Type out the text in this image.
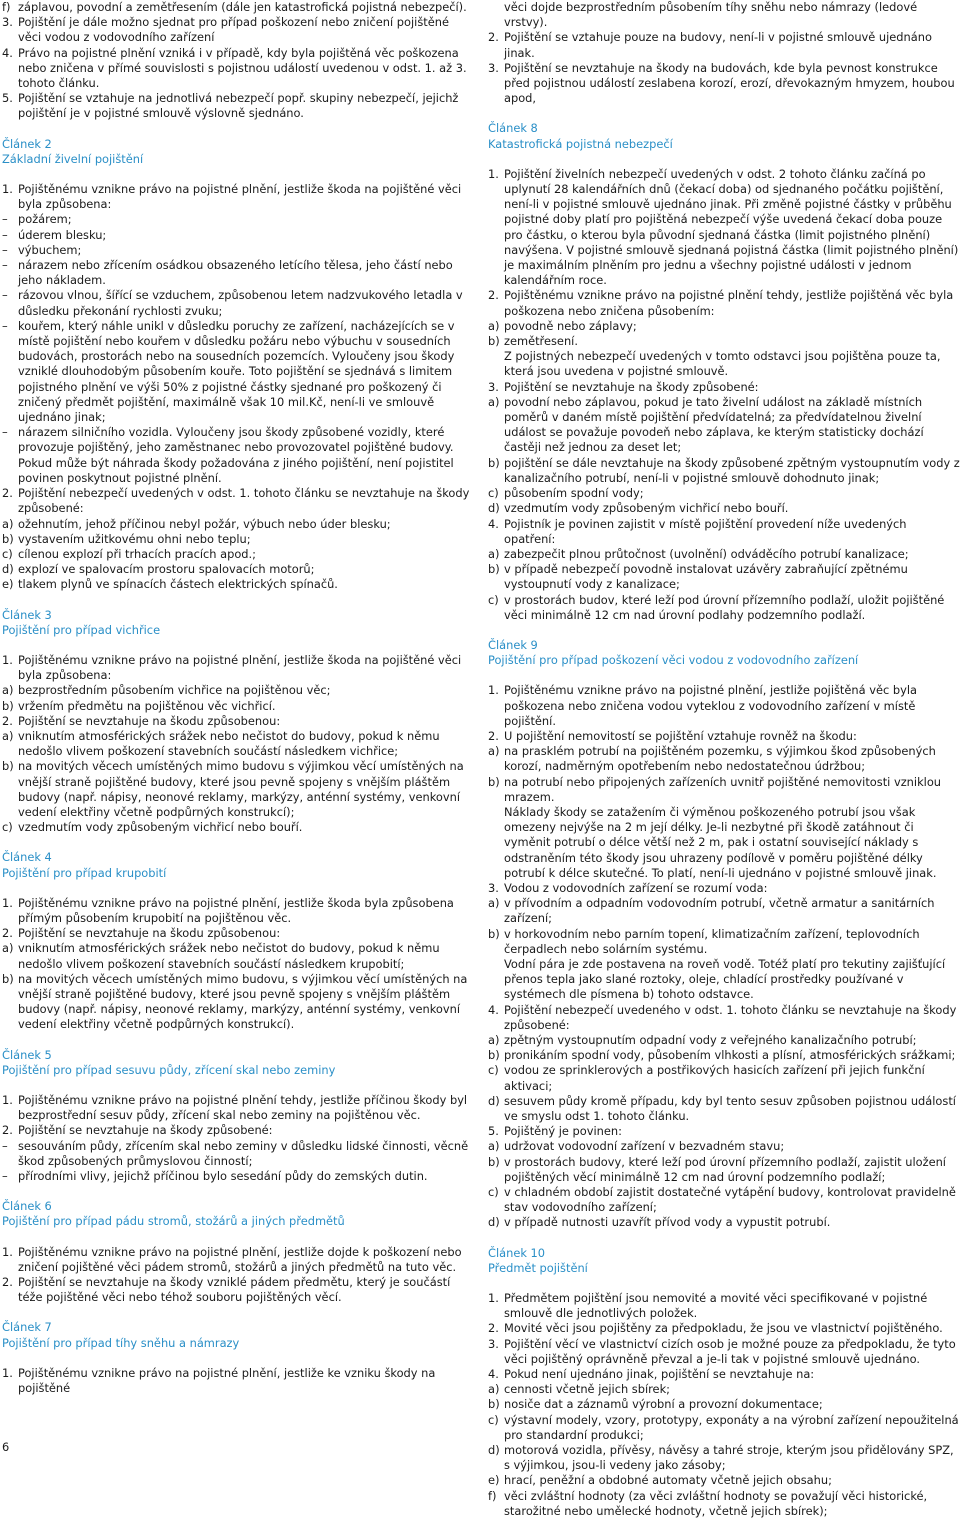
f) záplavou, povodní a zemětřesením (dále jen katastrofická pojistná nebezpečí).

3. Pojištění je dále možno sjednat pro případ poškození nebo zničení pojištěné věci vodou z vodovodního zařízení

4. Právo na pojistné plnění vzniká i v případě, kdy byla pojištěná věc poškozena nebo zničena v přímé souvislosti s pojistnou událostí uvedenou v odst. 1. až 3. tohoto článku.

5. Pojištění se vztahuje na jednotlivá nebezpečí popř. skupiny nebezpečí, jejichž pojištění je v pojistné smlouvě výslovně sjednáno.

Článek 2
Základní živelní pojištění

1. Pojištěnému vznikne právo na pojistné plnění, jestliže škoda na pojištěné věci byla způsobena:

– požárem;

– úderem blesku;

– výbuchem;

– nárazem nebo zřícením osádkou obsazeného letícího tělesa, jeho částí nebo jeho nákladem.

– rázovou vlnou, šířící se vzduchem, způsobenou letem nadzvukového letadla v důsledku překonání rychlosti zvuku;

– kouřem, který náhle unikl v důsledku poruchy ze zařízení, nacházejících se v místě pojištění nebo kouřem v důsledku požáru nebo výbuchu v sousedních budovách, prostorách nebo na sousedních pozemcích. Vyloučeny jsou škody vzniklé dlouhodobým působením kouře. Toto pojištění se sjednává s limitem pojistného plnění ve výši 50% z pojistné částky sjednané pro poškozený či zničený předmět pojištění, maximálně však 10 mil.Kč, není-li ve smlouvě ujednáno jinak;

– nárazem silničního vozidla. Vyloučeny jsou škody způsobené vozidly, které provozuje pojištěný, jeho zaměstnanec nebo provozovatel pojištěné budovy. Pokud může být náhrada škody požadována z jiného pojištění, není pojistitel povinen poskytnout pojistné plnění.

2. Pojištění nebezpečí uvedených v odst. 1. tohoto článku se nevztahuje na škody způsobené:

a) ožehnutím, jehož příčinou nebyl požár, výbuch nebo úder blesku;

b) vystavením užitkovému ohni nebo teplu;

c) cílenou explozí při trhacích pracích apod.;

d) explozí ve spalovacím prostoru spalovacích motorů;

e) tlakem plynů ve spínacích částech elektrických spínačů.

Článek 3
Pojištění pro případ vichřice

1. Pojištěnému vznikne právo na pojistné plnění, jestliže škoda na pojištěné věci byla způsobena:

a) bezprostředním působením vichřice na pojištěnou věc;

b) vržením předmětu na pojištěnou věc vichřicí.

2. Pojištění se nevztahuje na škodu způsobenou:

a) vniknutím atmosférických srážek nebo nečistot do budovy, pokud k němu nedošlo vlivem poškození stavebních součástí následkem vichřice;

b) na movitých věcech umístěných mimo budovu s výjimkou věcí umístěných na vnější straně pojištěné budovy, které jsou pevně spojeny s vnějším pláštěm budovy (např. nápisy, neonové reklamy, markýzy, anténní systémy, venkovní vedení elektřiny včetně podpůrných konstrukcí);

c) vzedmutím vody způsobeným vichřicí nebo bouří.

Článek 4
Pojištění pro případ krupobití

1. Pojištěnému vznikne právo na pojistné plnění, jestliže škoda byla způsobena přímým působením krupobití na pojištěnou věc.

2. Pojištění se nevztahuje na škodu způsobenou:

a) vniknutím atmosférických srážek nebo nečistot do budovy, pokud k němu nedošlo vlivem poškození stavebních součástí následkem krupobití;

b) na movitých věcech umístěných mimo budovu, s výjimkou věcí umístěných na vnější straně pojištěné budovy, které jsou pevně spojeny s vnějším pláštěm budovy (např. nápisy, neonové reklamy, markýzy, anténní systémy, venkovní vedení elektřiny včetně podpůrných konstrukcí).

Článek 5
Pojištění pro případ sesuvu půdy, zřícení skal nebo zeminy

1. Pojištěnému vznikne právo na pojistné plnění tehdy, jestliže příčinou škody byl bezprostřední sesuv půdy, zřícení skal nebo zeminy na pojištěnou věc.

2. Pojištění se nevztahuje na škody způsobené:

– sesouváním půdy, zřícením skal nebo zeminy v důsledku lidské činnosti, věcně škod způsobených průmyslovou činností;

– přírodními vlivy, jejichž příčinou bylo sesedání půdy do zemských dutin.

Článek 6
Pojištění pro případ pádu stromů, stožárů a jiných předmětů

1. Pojištěnému vznikne právo na pojistné plnění, jestliže dojde k poškození nebo zničení pojištěné věci pádem stromů, stožárů a jiných předmětů na tuto věc.

2. Pojištění se nevztahuje na škody vzniklé pádem předmětu, který je součástí téže pojištěné věci nebo téhož souboru pojištěných věcí.

Článek 7
Pojištění pro případ tíhy sněhu a námrazy

1. Pojištěnému vznikne právo na pojistné plnění, jestliže ke vzniku škody na pojištěné

věci dojde bezprostředním působením tíhy sněhu nebo námrazy (ledové vrstvy).

2. Pojištění se vztahuje pouze na budovy, není-li v pojistné smlouvě ujednáno jinak.

3. Pojištění se nevztahuje na škody na budovách, kde byla pevnost konstrukce před pojistnou událostí zeslabena korozí, erozí, dřevokazným hmyzem, houbou apod,

Článek 8
Katastrofická pojistná nebezpečí

1. Pojištění živelních nebezpečí uvedených v odst. 2 tohoto článku začíná po uplynutí 28 kalendářních dnů (čekací doba) od sjednaného počátku pojištění, není-li v pojistné smlouvě ujednáno jinak. Při změně pojistné částky v průběhu pojistné doby platí pro pojištěná nebezpečí výše uvedená čekací doba pouze pro částku, o kterou byla původní sjednaná částka (limit pojistného plnění) navýšena. V pojistné smlouvě sjednaná pojistná částka (limit pojistného plnění) je maximálním plněním pro jednu a všechny pojistné události v jednom kalendářním roce.

2. Pojištěnému vznikne právo na pojistné plnění tehdy, jestliže pojištěná věc byla poškozena nebo zničena působením:

a) povodně nebo záplavy;

b) zemětřesení.

Z pojistných nebezpečí uvedených v tomto odstavci jsou pojištěna pouze ta, která jsou uvedena v pojistné smlouvě.

3. Pojištění se nevztahuje na škody způsobené:

a) povodní nebo záplavou, pokud je tato živelní událost na základě místních poměrů v daném místě pojištění předvídatelná; za předvídatelnou živelní událost se považuje povodeň nebo záplava, ke kterým statisticky dochází častěji než jednou za deset let;

b) pojištění se dále nevztahuje na škody způsobené zpětným vystoupnutím vody z kanalizačního potrubí, není-li v pojistné smlouvě dohodnuto jinak;

c) působením spodní vody;

d) vzedmutím vody způsobeným vichřicí nebo bouří.

4. Pojistník je povinen zajistit v místě pojištění provedení níže uvedených opatření:

a) zabezpečit plnou průtočnost (uvolnění) odváděcího potrubí kanalizace;

b) v případě nebezpečí povodně instalovat uzávěry zabraňující zpětnému vystoupnutí vody z kanalizace;

c) v prostorách budov, které leží pod úrovní přízemního podlaží, uložit pojištěné věci minimálně 12 cm nad úrovní podlahy podzemního podlaží.

Článek 9
Pojištění pro případ poškození věci vodou z vodovodního zařízení

1. Pojištěnému vznikne právo na pojistné plnění, jestliže pojištěná věc byla poškozena nebo zničena vodou vyteklou z vodovodního zařízení v místě pojištění.

2. U pojištění nemovitostí se pojištění vztahuje rovněž na škodu:

a) na prasklém potrubí na pojištěném pozemku, s výjimkou škod způsobených korozí, nadměrným opotřebením nebo nedostatečnou údržbou;

b) na potrubí nebo připojených zařízeních uvnitř pojištěné nemovitosti vzniklou mrazem.

Náklady škody se zatažením či výměnou poškozeného potrubí jsou však omezeny nejvýše na 2 m její délky. Je-li nezbytné při škodě zatáhnout či vyměnit potrubí o délce větší než 2 m, pak i ostatní související náklady s odstraněním této škody jsou uhrazeny podílově v poměru pojištěné délky potrubí k délce skutečné. To platí, není-li ujednáno v pojistné smlouvě jinak.

3. Vodou z vodovodních zařízení se rozumí voda:

a) v přívodním a odpadním vodovodním potrubí, včetně armatur a sanitárních zařízení;

b) v horkovodním nebo parním topení, klimatizačním zařízení, teplovodních čerpadlech nebo solárním systému.

Vodní pára je zde postavena na roveň vodě. Totéž platí pro tekutiny zajišťující přenos tepla jako slané roztoky, oleje, chladící prostředky používané v systémech dle písmena b) tohoto odstavce.

4. Pojištění nebezpečí uvedeného v odst. 1. tohoto článku se nevztahuje na škody způsobené:

a) zpětným vystoupnutím odpadní vody z veřejného kanalizačního potrubí;

b) pronikáním spodní vody, působením vlhkosti a plísní, atmosférických srážkami;

c) vodou ze sprinklerových a postřikových hasicích zařízení při jejich funkční aktivaci;

d) sesuvem půdy kromě případu, kdy byl tento sesuv způsoben pojistnou událostí ve smyslu odst 1. tohoto článku.

5. Pojištěný je povinen:

a) udržovat vodovodní zařízení v bezvadném stavu;

b) v prostorách budovy, které leží pod úrovní přízemního podlaží, zajistit uložení pojištěných věcí minimálně 12 cm nad úrovní podzemního podlaží;

c) v chladném období zajistit dostatečné vytápění budovy, kontrolovat pravidelně stav vodovodního zařízení;

d) v případě nutnosti uzavřít přívod vody a vypustit potrubí.

Článek 10
Předmět pojištění

1. Předmětem pojištění jsou nemovité a movité věci specifikované v pojistné smlouvě dle jednotlivých položek.

2. Movité věci jsou pojištěny za předpokladu, že jsou ve vlastnictví pojištěného.

3. Pojištění věcí ve vlastnictví cizích osob je možné pouze za předpokladu, že tyto věci pojištěný oprávněně převzal a je-li tak v pojistné smlouvě ujednáno.

4. Pokud není ujednáno jinak, pojištění se nevztahuje na:

a) cennosti včetně jejich sbírek;

b) nosiče dat a záznamů výrobní a provozní dokumentace;

c) výstavní modely, vzory, prototypy, exponáty a na výrobní zařízení nepoužitelná pro standardní produkci;

d) motorová vozidla, přívěsy, návěsy a tahré stroje, kterým jsou přidělovány SPZ, s výjimkou, jsou-li vedeny jako zásoby;

e) hrací, peněžní a obdobné automaty včetně jejich obsahu;

f) věci zvláštní hodnoty (za věci zvláštní hodnoty se považují věci historické, starožitné nebo umělecké hodnoty, včetně jejich sbírek);

6
